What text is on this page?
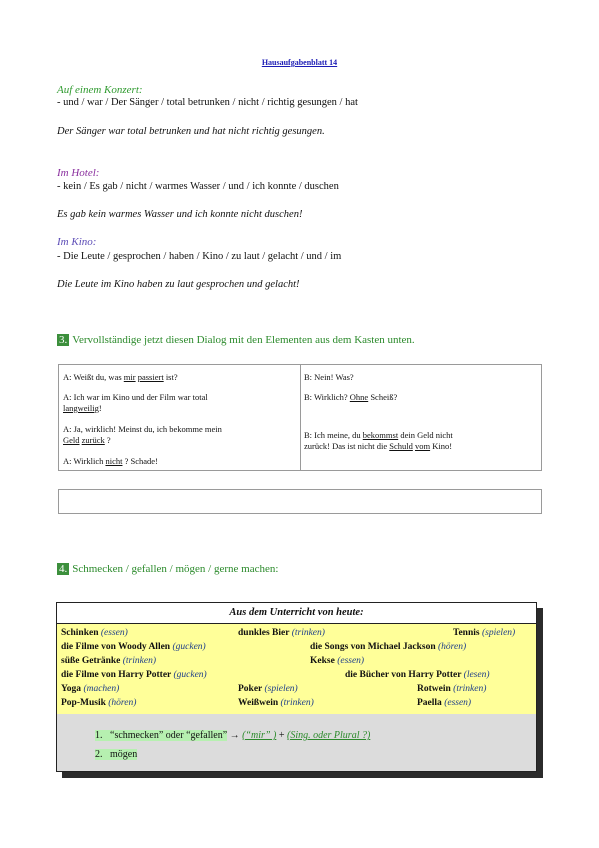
Hausaufgabenblatt 14
Auf einem Konzert:
- und / war / Der Sänger / total betrunken / nicht / richtig gesungen / hat
Der Sänger war total betrunken und hat nicht richtig gesungen.
Im Hotel:
- kein / Es gab / nicht / warmes Wasser / und / ich konnte / duschen
Es gab kein warmes Wasser und ich konnte nicht duschen!
Im Kino:
- Die Leute / gesprochen / haben / Kino / zu laut / gelacht / und / im
Die Leute im Kino haben zu laut gesprochen und gelacht!
3. Vervollständige jetzt diesen Dialog mit den Elementen aus dem Kasten unten.
A: Weißt du, was mir passiert ist?
A: Ich war im Kino und der Film war total
langweilig!
A: Ja, wirklich! Meinst du, ich bekomme mein
Geld zurück ?
A: Wirklich nicht ? Schade!
B: Nein! Was?
B: Wirklich? Ohne Scheiß?
B: Ich meine, du bekommst dein Geld nicht
zurück! Das ist nicht die Schuld vom Kino!
4. Schmecken / gefallen / mögen / gerne machen:
Aus dem Unterricht von heute:
Schinken (essen)	dunkles Bier (trinken)	Tennis (spielen)
die Filme von Woody Allen (gucken)	die Songs von Michael Jackson (hören)
süße Getränke (trinken)	Kekse (essen)
die Filme von Harry Potter (gucken)	die Bücher von Harry Potter (lesen)
Yoga (machen)	Poker (spielen)	Rotwein (trinken)
Pop-Musik (hören)	Weißwein (trinken)	Paella (essen)
1. “schmecken” oder “gefallen” → (“mir” ) + (Sing. oder Plural ?)
2. mögen
